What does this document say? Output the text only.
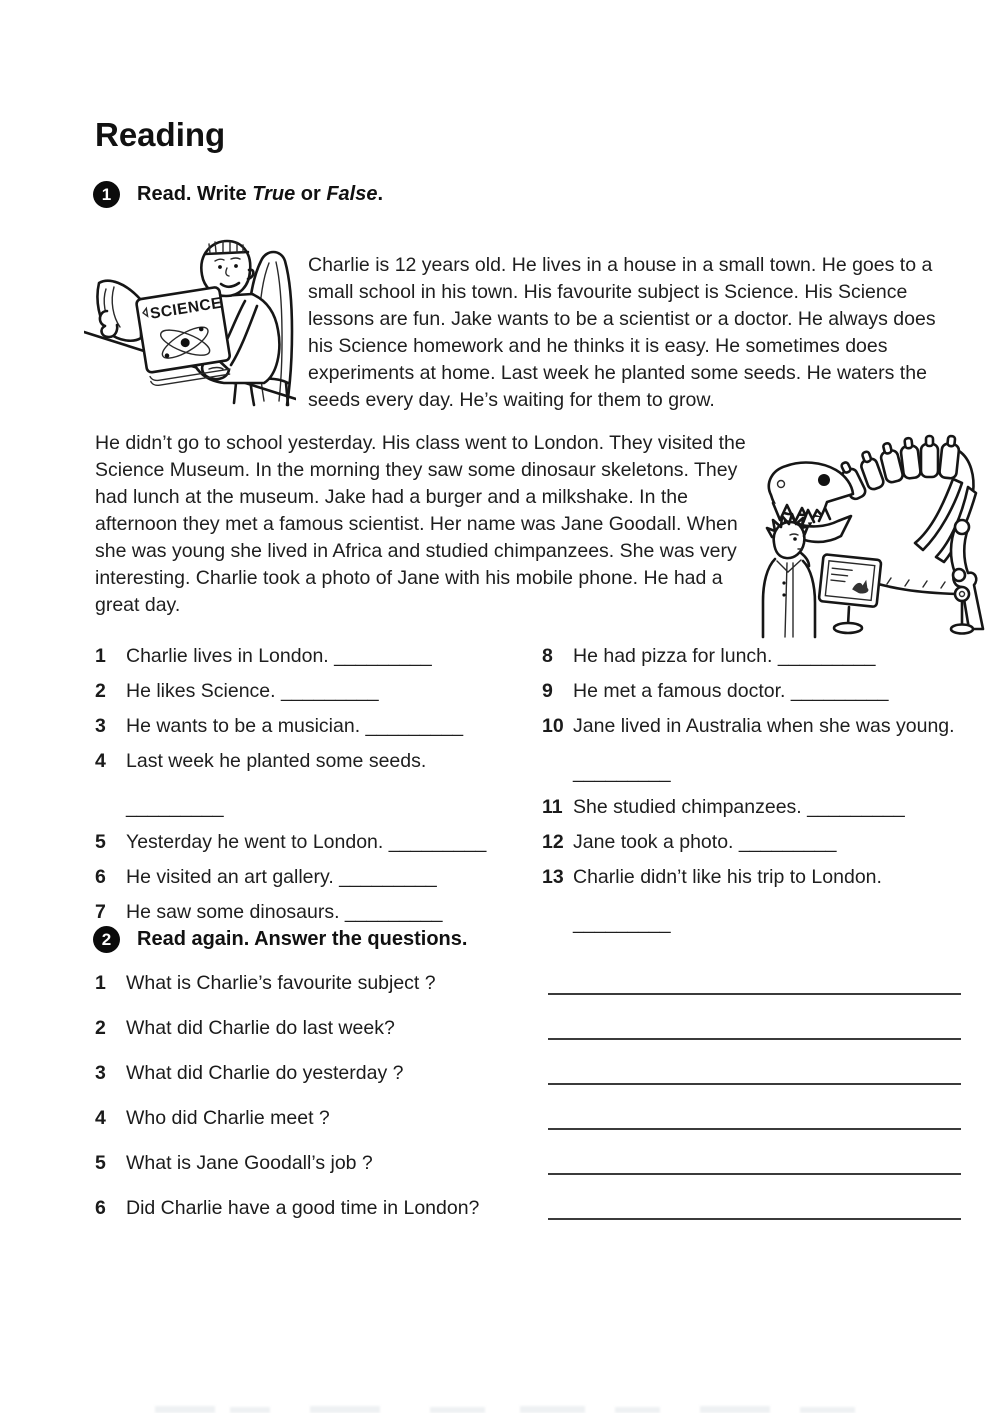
Reading
1	Read. Write True or False.
SCIENCE
Charlie is 12 years old. He lives in a house in a small town. He goes to a small school in his town. His favourite subject is Science. His Science lessons are fun. Jake wants to be a scientist or a doctor. He always does his Science homework and he thinks it is easy. He sometimes does experiments at home. Last week he planted some seeds. He waters the seeds every day. He’s waiting for them to grow.
He didn’t go to school yesterday. His class went to London. They visited the Science Museum. In the morning they saw some dinosaur skeletons. They had lunch at the museum. Jake had a burger and a milkshake. In the afternoon they met a famous scientist. Her name was Jane Goodall. When she was young she lived in Africa and studied chimpanzees. She was very interesting. Charlie took a photo of Jane with his mobile phone. He had a great day.
1	Charlie lives in London. _________
2	He likes Science. _________
3	He wants to be a musician. _________
4	Last week he planted some seeds.
_________
5	Yesterday he went to London. _________
6	He visited an art gallery. _________
7	He saw some dinosaurs. _________
8	He had pizza for lunch. _________
9	He met a famous doctor. _________
10 Jane lived in Australia when she was young.
_________
11 She studied chimpanzees. _________
12 Jane took a photo. _________
13 Charlie didn’t like his trip to London.
_________
2	Read again. Answer the questions.
1	What is Charlie’s favourite subject ?
2	What did Charlie do last week?
3	What did Charlie do yesterday ?
4	Who did Charlie meet ?
5	What is Jane Goodall’s job ?
6	Did Charlie have a good time in London?
